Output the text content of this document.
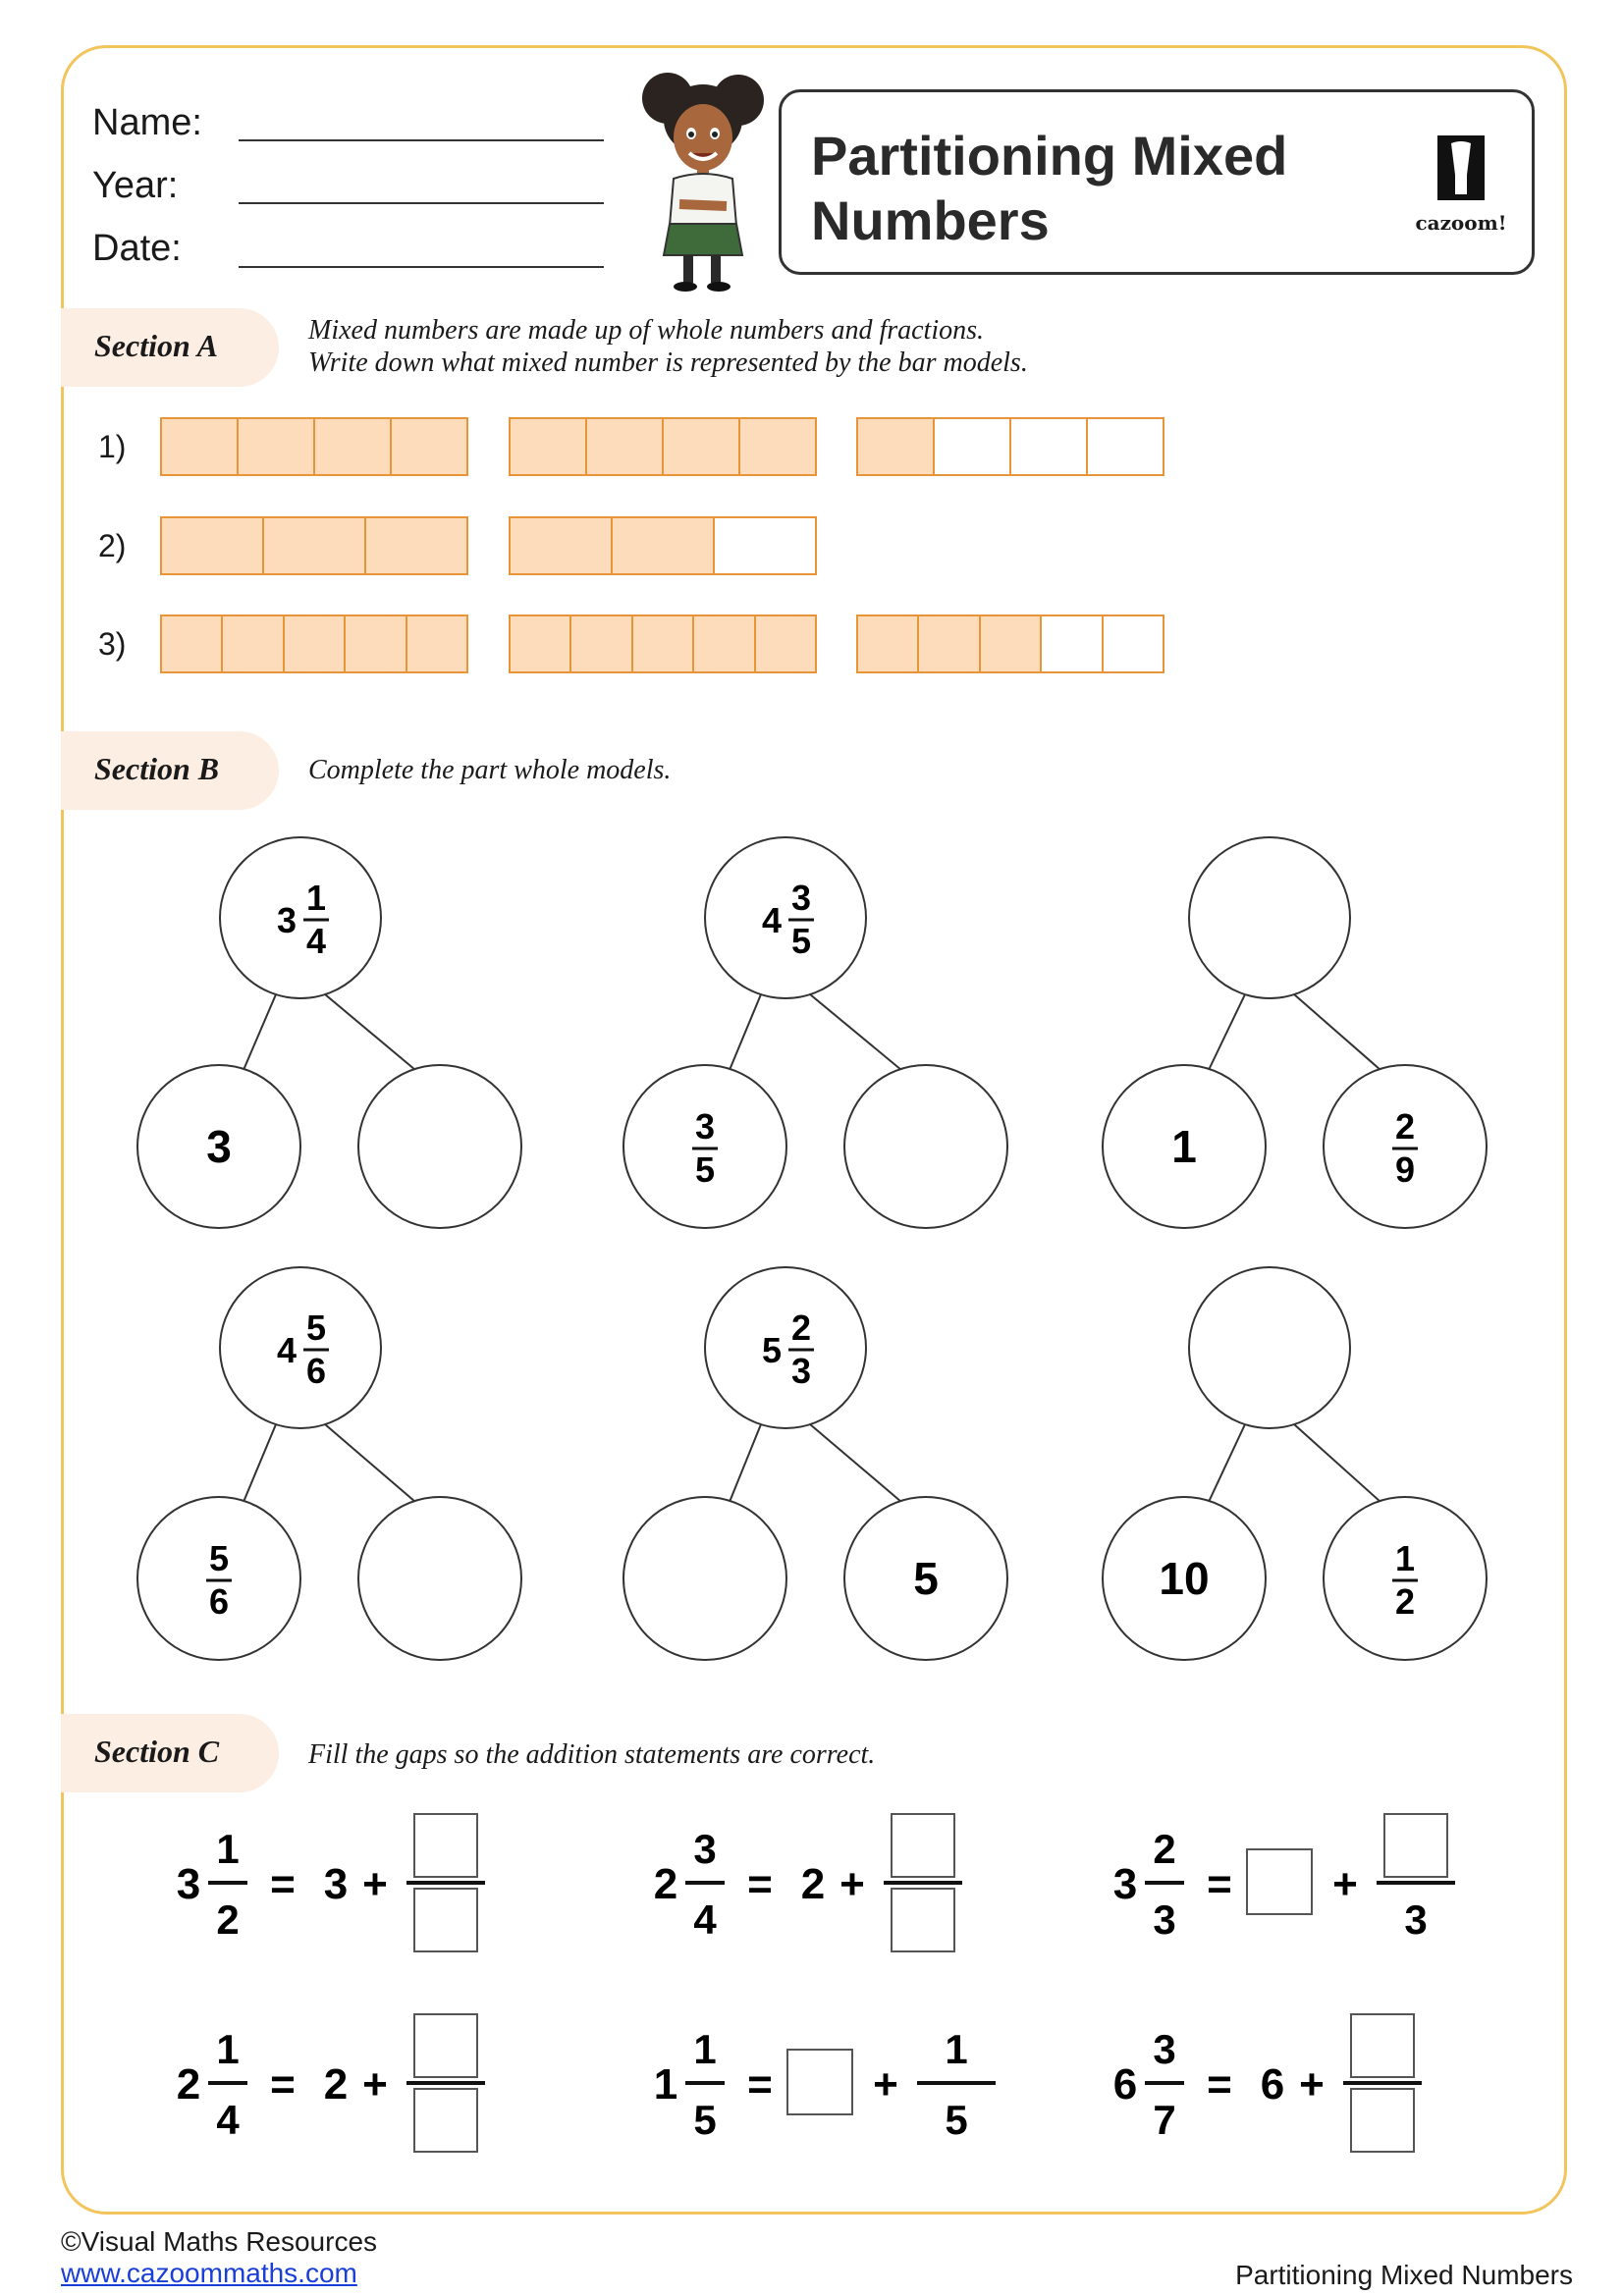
Name:
Year:
Date:
Partitioning Mixed Numbers	cazoom!
Section A	Mixed numbers are made up of whole numbers and fractions.
Write down what mixed number is represented by the bar models.
1)
2)
3)
Section B	Complete the part whole models.
3
1
4
3
4
3
5
3
5	1	2
9
4
5
6
5
6
5
2
3
5	10	1
2
Section C	Fill the gaps so the addition statements are correct.
3
1
2
= 3 +	2
3
4
= 2 +	3
2
3
= +
3
2
1
4
= 2 +	1
1
5
= +
1
5
6
3
7
= 6 +
©Visual Maths Resources
www.cazoommaths.com	Partitioning Mixed Numbers
